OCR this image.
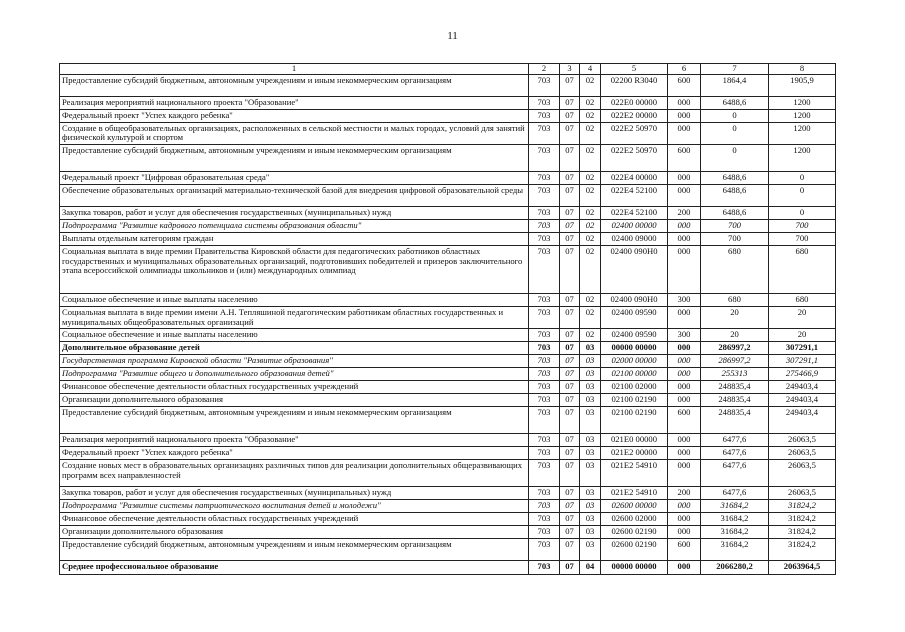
11
1	2	3	4	5	6	7	8
Предоставление субсидий бюджетным, автономным учреждениям и иным некоммерческим организациям	703	07	02	02200 R3040	600	1864,4	1905,9
Реализация мероприятий национального проекта "Образование"	703	07	02	022E0 00000	000	6488,6	1200
Федеральный проект "Успех каждого ребенка"	703	07	02	022E2 00000	000	0	1200
Создание в общеобразовательных организациях, расположенных в сельской местности и малых городах, условий для занятий физической культурой и спортом	703	07	02	022E2 50970	000	0	1200
Предоставление субсидий бюджетным, автономным учреждениям и иным некоммерческим организациям	703	07	02	022E2 50970	600	0	1200
Федеральный проект "Цифровая образовательная среда"	703	07	02	022E4 00000	000	6488,6	0
Обеспечение образовательных организаций материально-технической базой для внедрения цифровой образовательной среды	703	07	02	022E4 52100	000	6488,6	0
Закупка товаров, работ и услуг для обеспечения государственных (муниципальных) нужд	703	07	02	022E4 52100	200	6488,6	0
Подпрограмма "Развитие кадрового потенциала системы образования области"	703	07	02	02400 00000	000	700	700
Выплаты отдельным категориям граждан	703	07	02	02400 09000	000	700	700
Социальная выплата в виде премии Правительства Кировской области для педагогических работников областных государственных и муниципальных образовательных организаций, подготовивших победителей и призеров заключительного этапа всероссийской олимпиады школьников и (или) международных олимпиад	703	07	02	02400 090H0	000	680	680
Социальное обеспечение и иные выплаты населению	703	07	02	02400 090H0	300	680	680
Социальная выплата в виде премии имени А.Н. Тепляшиной педагогическим работникам областных государственных и муниципальных общеобразовательных организаций	703	07	02	02400 09590	000	20	20
Социальное обеспечение и иные выплаты населению	703	07	02	02400 09590	300	20	20
Дополнительное образование детей	703	07	03	00000 00000	000	286997,2	307291,1
Государственная программа Кировской области "Развитие образования"	703	07	03	02000 00000	000	286997,2	307291,1
Подпрограмма "Развитие общего и дополнительного образования детей"	703	07	03	02100 00000	000	255313	275466,9
Финансовое обеспечение деятельности областных государственных учреждений	703	07	03	02100 02000	000	248835,4	249403,4
Организации дополнительного образования	703	07	03	02100 02190	000	248835,4	249403,4
Предоставление субсидий бюджетным, автономным учреждениям и иным некоммерческим организациям	703	07	03	02100 02190	600	248835,4	249403,4
Реализация мероприятий национального проекта "Образование"	703	07	03	021E0 00000	000	6477,6	26063,5
Федеральный проект "Успех каждого ребенка"	703	07	03	021E2 00000	000	6477,6	26063,5
Создание новых мест в образовательных организациях различных типов для реализации дополнительных общеразвивающих программ всех направленностей	703	07	03	021E2 54910	000	6477,6	26063,5
Закупка товаров, работ и услуг для обеспечения государственных (муниципальных) нужд	703	07	03	021E2 54910	200	6477,6	26063,5
Подпрограмма "Развитие системы патриотического воспитания детей и молодежи"	703	07	03	02600 00000	000	31684,2	31824,2
Финансовое обеспечение деятельности областных государственных учреждений	703	07	03	02600 02000	000	31684,2	31824,2
Организации дополнительного образования	703	07	03	02600 02190	000	31684,2	31824,2
Предоставление субсидий бюджетным, автономным учреждениям и иным некоммерческим организациям	703	07	03	02600 02190	600	31684,2	31824,2
Среднее профессиональное образование	703	07	04	00000 00000	000	2066280,2	2063964,5
